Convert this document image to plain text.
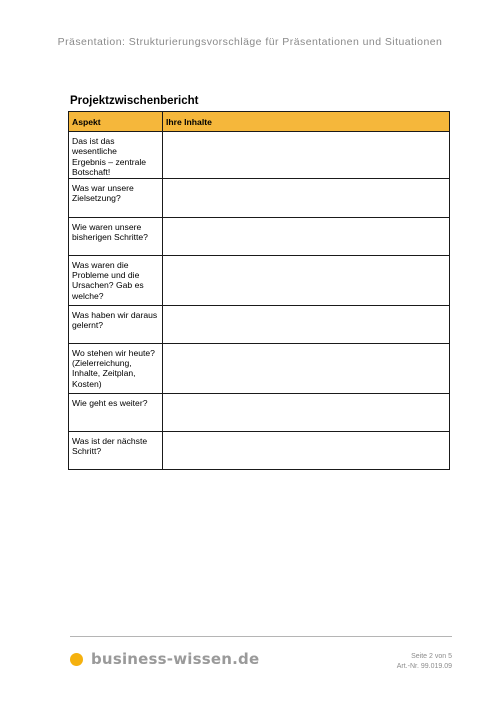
Präsentation: Strukturierungsvorschläge für Präsentationen und Situationen
Projektzwischenbericht
Aspekt	Ihre Inhalte

Das ist das wesentliche
Ergebnis – zentrale
Botschaft!	

Was war unsere
Zielsetzung?	

Wie waren unsere
bisherigen Schritte?	

Was waren die
Probleme und die
Ursachen? Gab es
welche?	

Was haben wir daraus
gelernt?	

Wo stehen wir heute?
(Zielerreichung,
Inhalte, Zeitplan,
Kosten)	

Wie geht es weiter?	

Was ist der nächste
Schritt?	

business-wissen.de	Seite 2 von 5
Art.-Nr. 99.019.09
